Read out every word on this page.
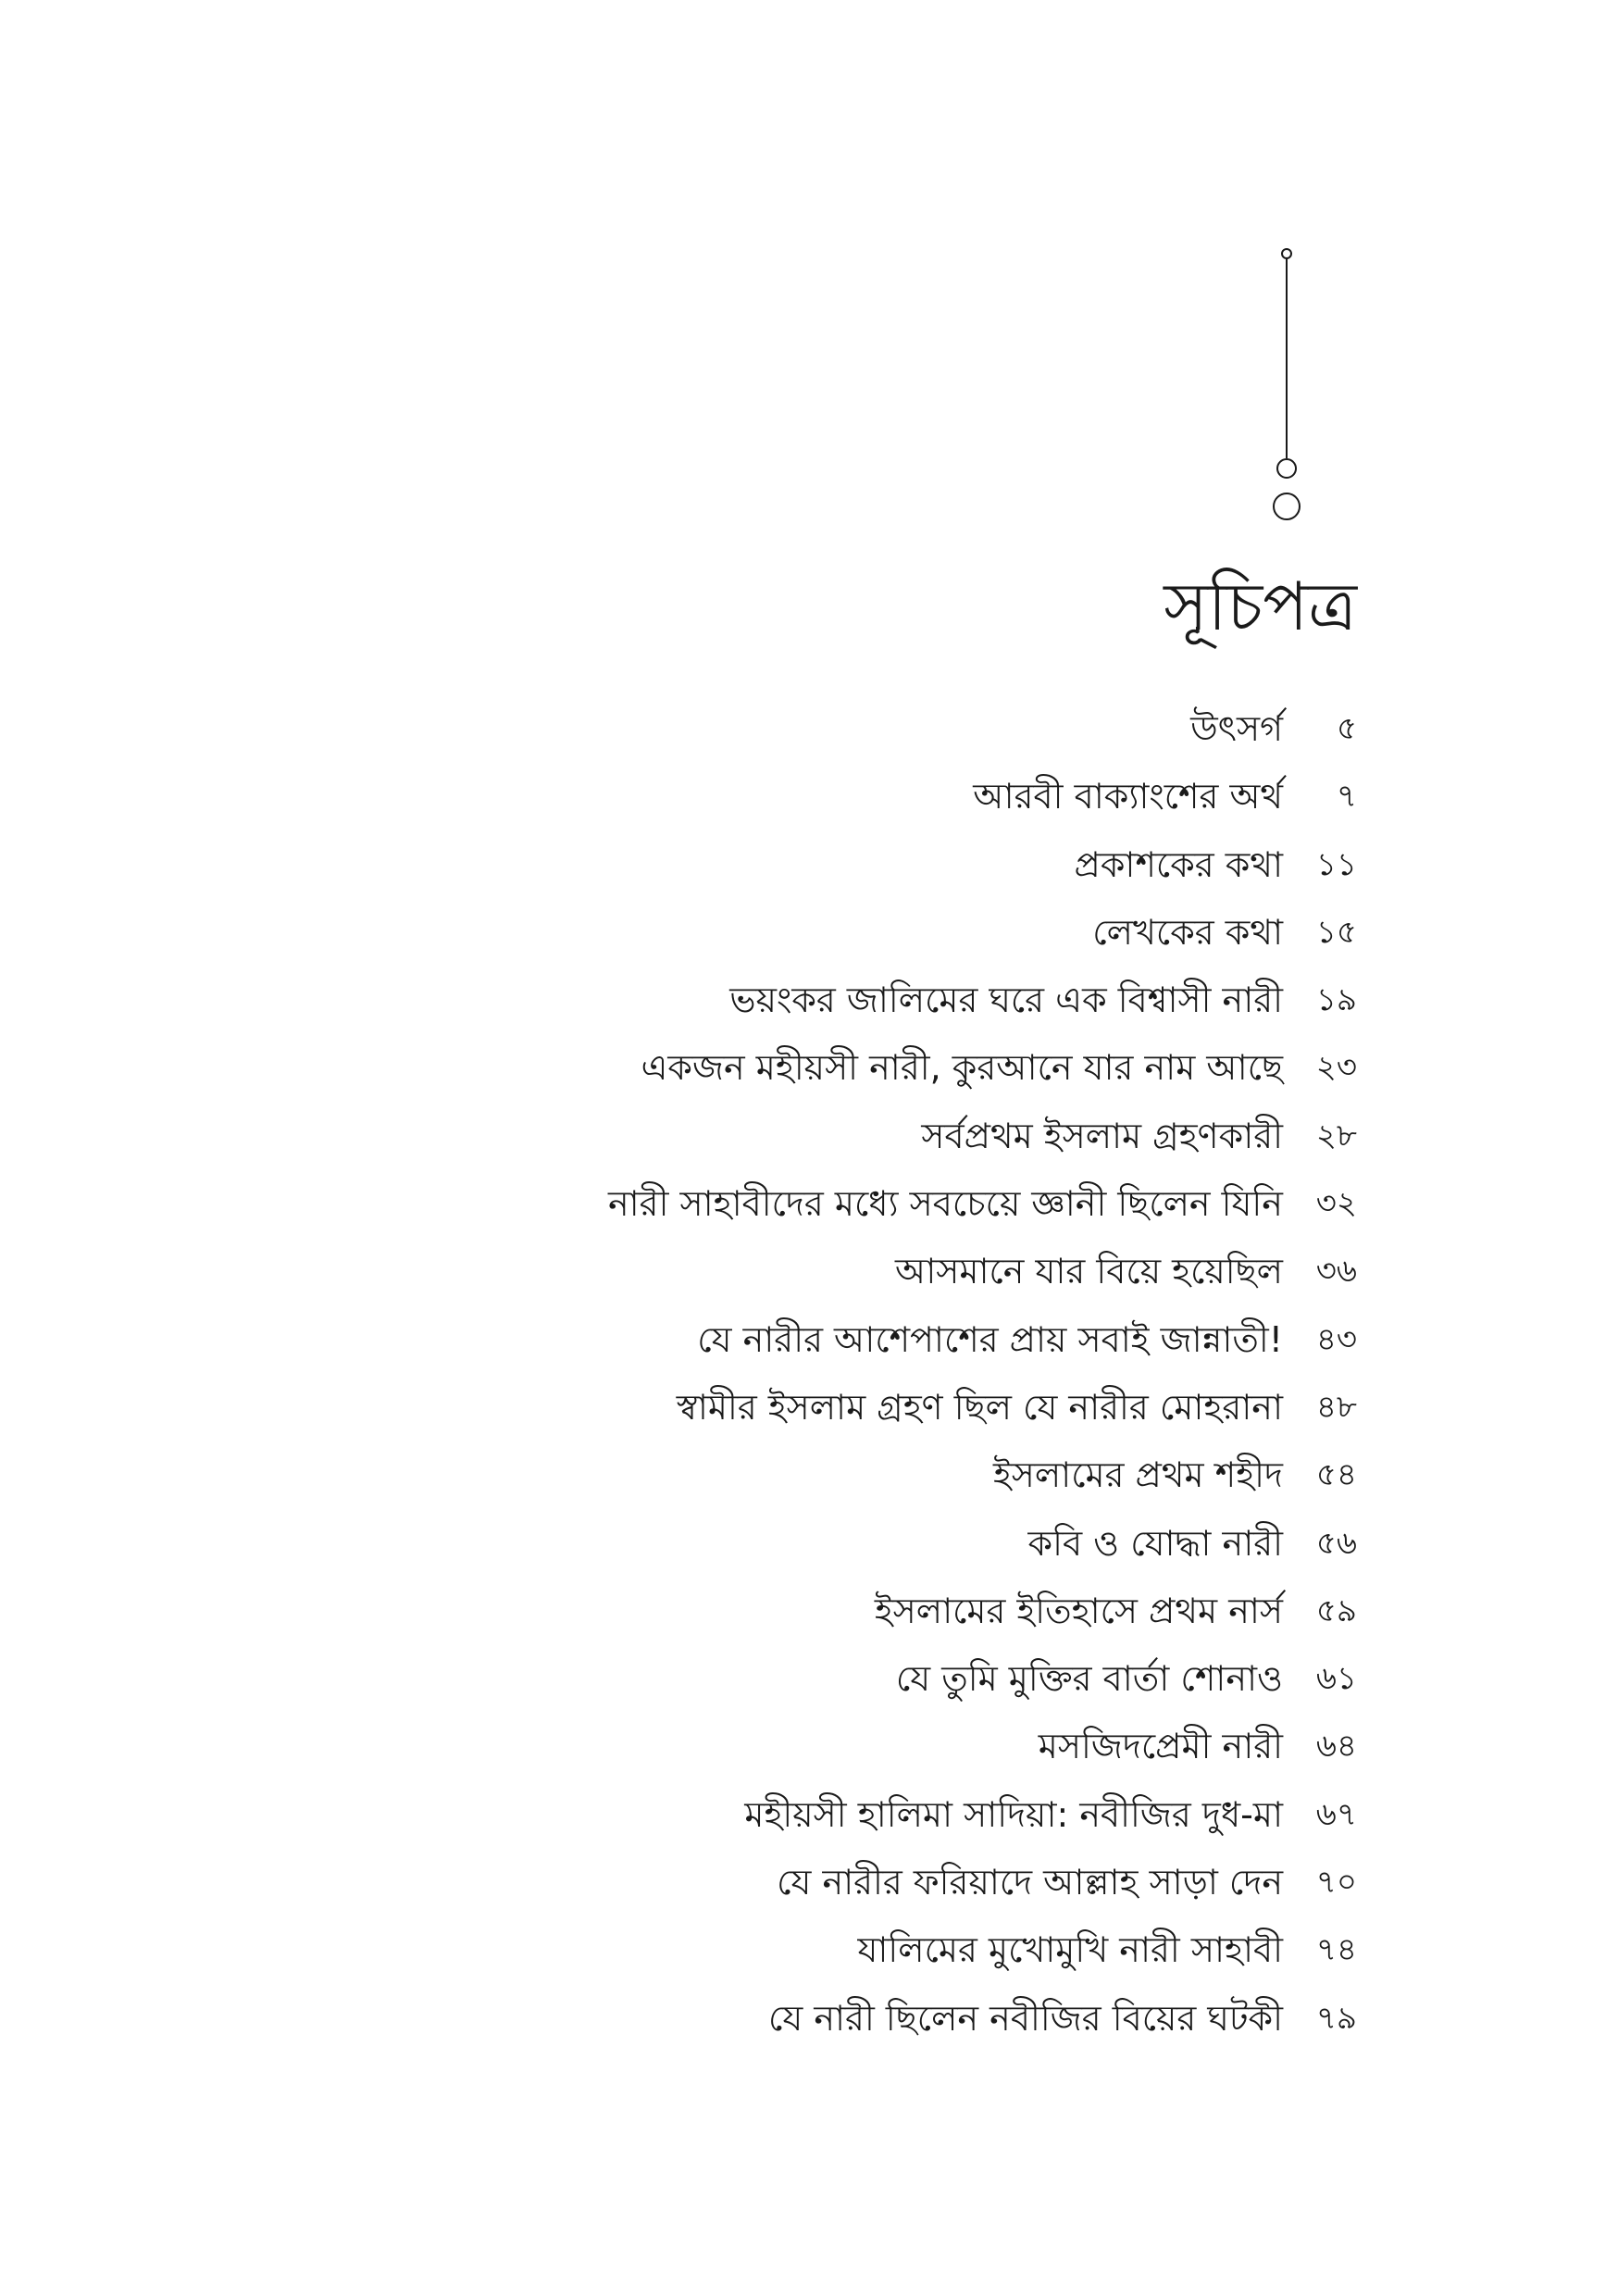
সূচিপত্র
উৎসর্গ ৫
আরবী বাক্যাংশের অর্থ ৭
প্রকাশকের কথা ১১
লেখকের কথা ১৫
ভয়ংকর জালিমের ঘরে এক বিশ্বাসী নারী ১৯
একজন মহীয়সী নারী, কুরআনে যার নাম আছে ২৩
সর্বপ্রথম ইসলাম গ্রহণকারী ২৮
নারী সাহাবীদের মধ্যে সবচেয়ে জ্ঞানী ছিলেন যিনি ৩২
আসমানে যার বিয়ে হয়েছিল ৩৬
যে নারীর আশেপাশের প্রায় সবাই জান্নাতী! ৪৩
স্বামীর ইসলাম গ্রহণ ছিল যে নারীর মোহরানা ৪৮
ইসলামের প্রথম শহীদ ৫৪
কবি ও যোদ্ধা নারী ৫৬
ইসলামের ইতিহাসে প্রথম নার্স ৫৯
যে তুমি মুক্তির বার্তা শোনাও ৬১
মসজিদপ্রেমী নারী ৬৪
মহীয়সী হালিমা সাদিয়া: নবীজির দুধ-মা ৬৭
যে নারীর ফরিয়াদে আল্লাহ সাড়া দেন ৭০
যালিমের মুখোমুখি নারী সাহাবী ৭৪
যে নারী ছিলেন নবীজির বিয়ের ঘটকী ৭৯
